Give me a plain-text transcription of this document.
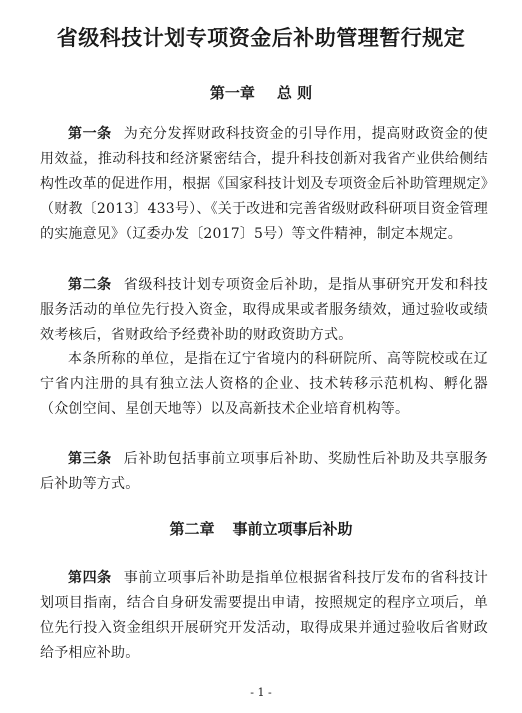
省级科技计划专项资金后补助管理暂行规定
第一章 总 则

第一条 为充分发挥财政科技资金的引导作用，提高财政资金的使用效益，推动科技和经济紧密结合，提升科技创新对我省产业供给侧结构性改革的促进作用，根据《国家科技计划及专项资金后补助管理规定》（财教〔2013〕433号）、《关于改进和完善省级财政科研项目资金管理的实施意见》（辽委办发〔2017〕5号）等文件精神，制定本规定。

第二条 省级科技计划专项资金后补助，是指从事研究开发和科技服务活动的单位先行投入资金，取得成果或者服务绩效，通过验收或绩效考核后，省财政给予经费补助的财政资助方式。

本条所称的单位，是指在辽宁省境内的科研院所、高等院校或在辽宁省内注册的具有独立法人资格的企业、技术转移示范机构、孵化器（众创空间、星创天地等）以及高新技术企业培育机构等。

第三条 后补助包括事前立项事后补助、奖励性后补助及共享服务后补助等方式。

第二章 事前立项事后补助

第四条 事前立项事后补助是指单位根据省科技厅发布的省科技计划项目指南，结合自身研发需要提出申请，按照规定的程序立项后，单位先行投入资金组织开展研究开发活动，取得成果并通过验收后省财政给予相应补助。

- 1 -
